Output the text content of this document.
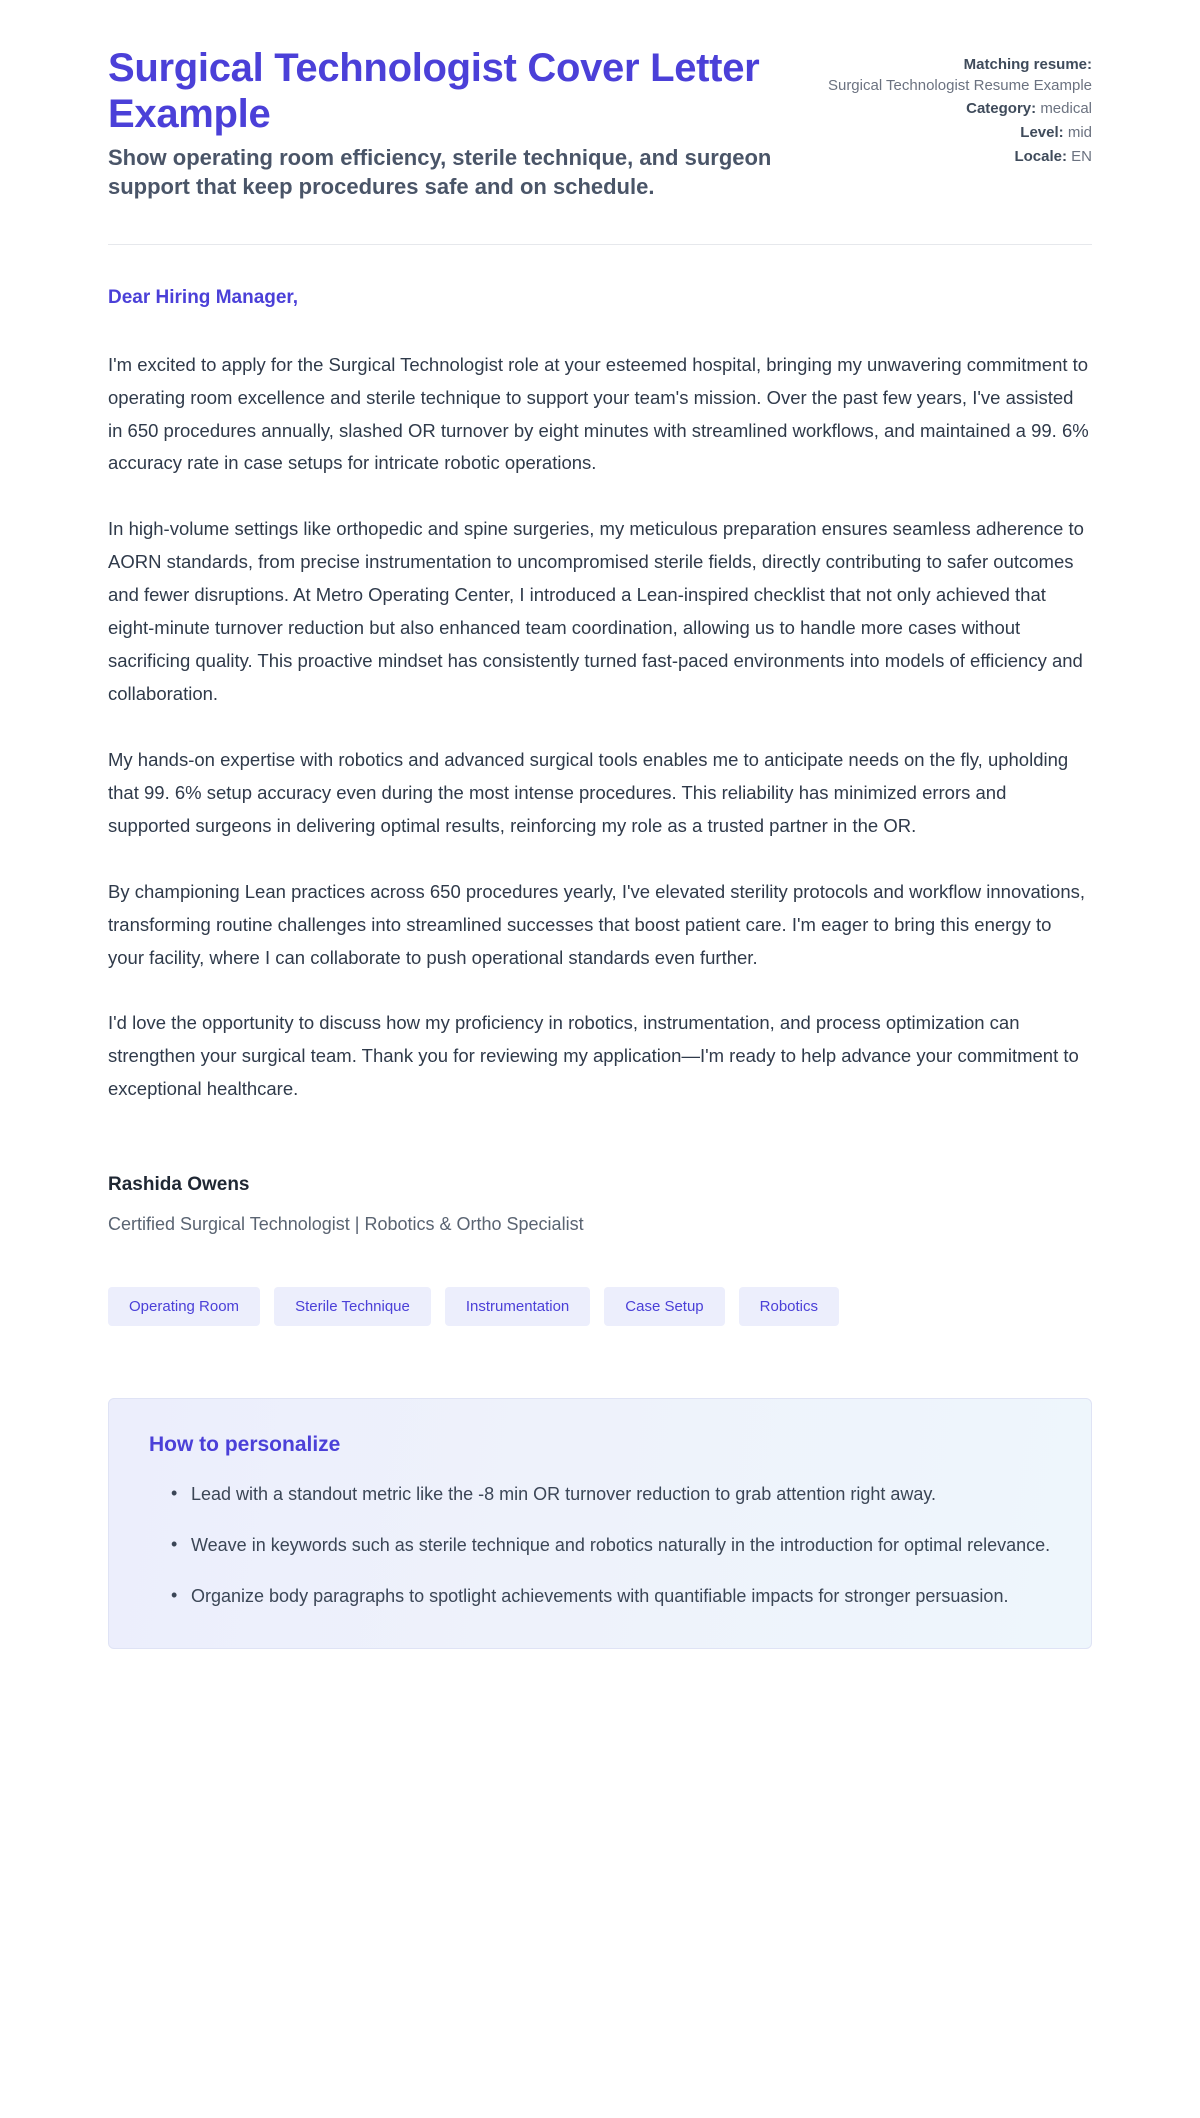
Surgical Technologist Cover Letter Example

Show operating room efficiency, sterile technique, and surgeon support that keep procedures safe and on schedule.

Matching resume:
Surgical Technologist Resume Example
Category: medical
Level: mid
Locale: EN

Dear Hiring Manager,

I'm excited to apply for the Surgical Technologist role at your esteemed hospital, bringing my unwavering commitment to operating room excellence and sterile technique to support your team's mission. Over the past few years, I've assisted in 650 procedures annually, slashed OR turnover by eight minutes with streamlined workflows, and maintained a 99. 6% accuracy rate in case setups for intricate robotic operations.

In high-volume settings like orthopedic and spine surgeries, my meticulous preparation ensures seamless adherence to AORN standards, from precise instrumentation to uncompromised sterile fields, directly contributing to safer outcomes and fewer disruptions. At Metro Operating Center, I introduced a Lean-inspired checklist that not only achieved that eight-minute turnover reduction but also enhanced team coordination, allowing us to handle more cases without sacrificing quality. This proactive mindset has consistently turned fast-paced environments into models of efficiency and collaboration.

My hands-on expertise with robotics and advanced surgical tools enables me to anticipate needs on the fly, upholding that 99. 6% setup accuracy even during the most intense procedures. This reliability has minimized errors and supported surgeons in delivering optimal results, reinforcing my role as a trusted partner in the OR.

By championing Lean practices across 650 procedures yearly, I've elevated sterility protocols and workflow innovations, transforming routine challenges into streamlined successes that boost patient care. I'm eager to bring this energy to your facility, where I can collaborate to push operational standards even further.

I'd love the opportunity to discuss how my proficiency in robotics, instrumentation, and process optimization can strengthen your surgical team. Thank you for reviewing my application—I'm ready to help advance your commitment to exceptional healthcare.

Rashida Owens

Certified Surgical Technologist | Robotics & Ortho Specialist

Operating Room	Sterile Technique	Instrumentation	Case Setup	Robotics
How to personalize
• Lead with a standout metric like the -8 min OR turnover reduction to grab attention right away.
• Weave in keywords such as sterile technique and robotics naturally in the introduction for optimal relevance.
• Organize body paragraphs to spotlight achievements with quantifiable impacts for stronger persuasion.
